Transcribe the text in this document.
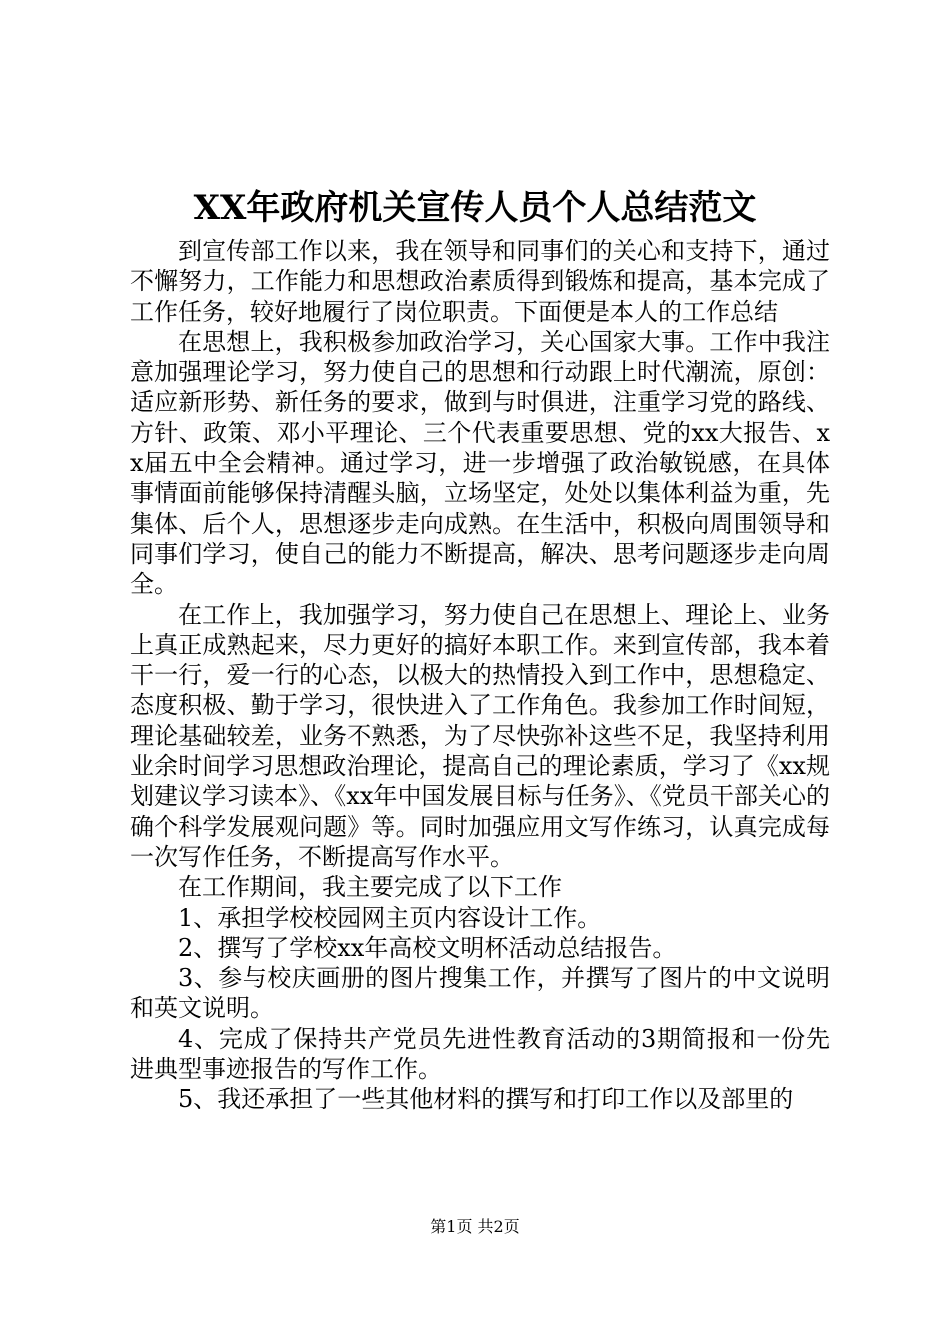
XX年政府机关宣传人员个人总结范文

到宣传部工作以来，我在领导和同事们的关心和支持下，通过不懈努力，工作能力和思想政治素质得到锻炼和提高，基本完成了工作任务，较好地履行了岗位职责。下面便是本人的工作总结

在思想上，我积极参加政治学习，关心国家大事。工作中我注意加强理论学习，努力使自己的思想和行动跟上时代潮流，原创：适应新形势、新任务的要求，做到与时俱进，注重学习党的路线、方针、政策、邓小平理论、三个代表重要思想、党的xx大报告、xx届五中全会精神。通过学习，进一步增强了政治敏锐感，在具体事情面前能够保持清醒头脑，立场坚定，处处以集体利益为重，先集体、后个人，思想逐步走向成熟。在生活中，积极向周围领导和同事们学习，使自己的能力不断提高，解决、思考问题逐步走向周全。

在工作上，我加强学习，努力使自己在思想上、理论上、业务上真正成熟起来，尽力更好的搞好本职工作。来到宣传部，我本着干一行，爱一行的心态，以极大的热情投入到工作中，思想稳定、态度积极、勤于学习，很快进入了工作角色。我参加工作时间短，理论基础较差，业务不熟悉，为了尽快弥补这些不足，我坚持利用业余时间学习思想政治理论，提高自己的理论素质，学习了《xx规划建议学习读本》、《xx年中国发展目标与任务》、《党员干部关心的确个科学发展观问题》等。同时加强应用文写作练习，认真完成每一次写作任务，不断提高写作水平。

在工作期间，我主要完成了以下工作

1、承担学校校园网主页内容设计工作。

2、撰写了学校xx年高校文明杯活动总结报告。

3、参与校庆画册的图片搜集工作，并撰写了图片的中文说明和英文说明。

4、完成了保持共产党员先进性教育活动的3期简报和一份先进典型事迹报告的写作工作。

5、我还承担了一些其他材料的撰写和打印工作以及部里的

第1页 共2页
